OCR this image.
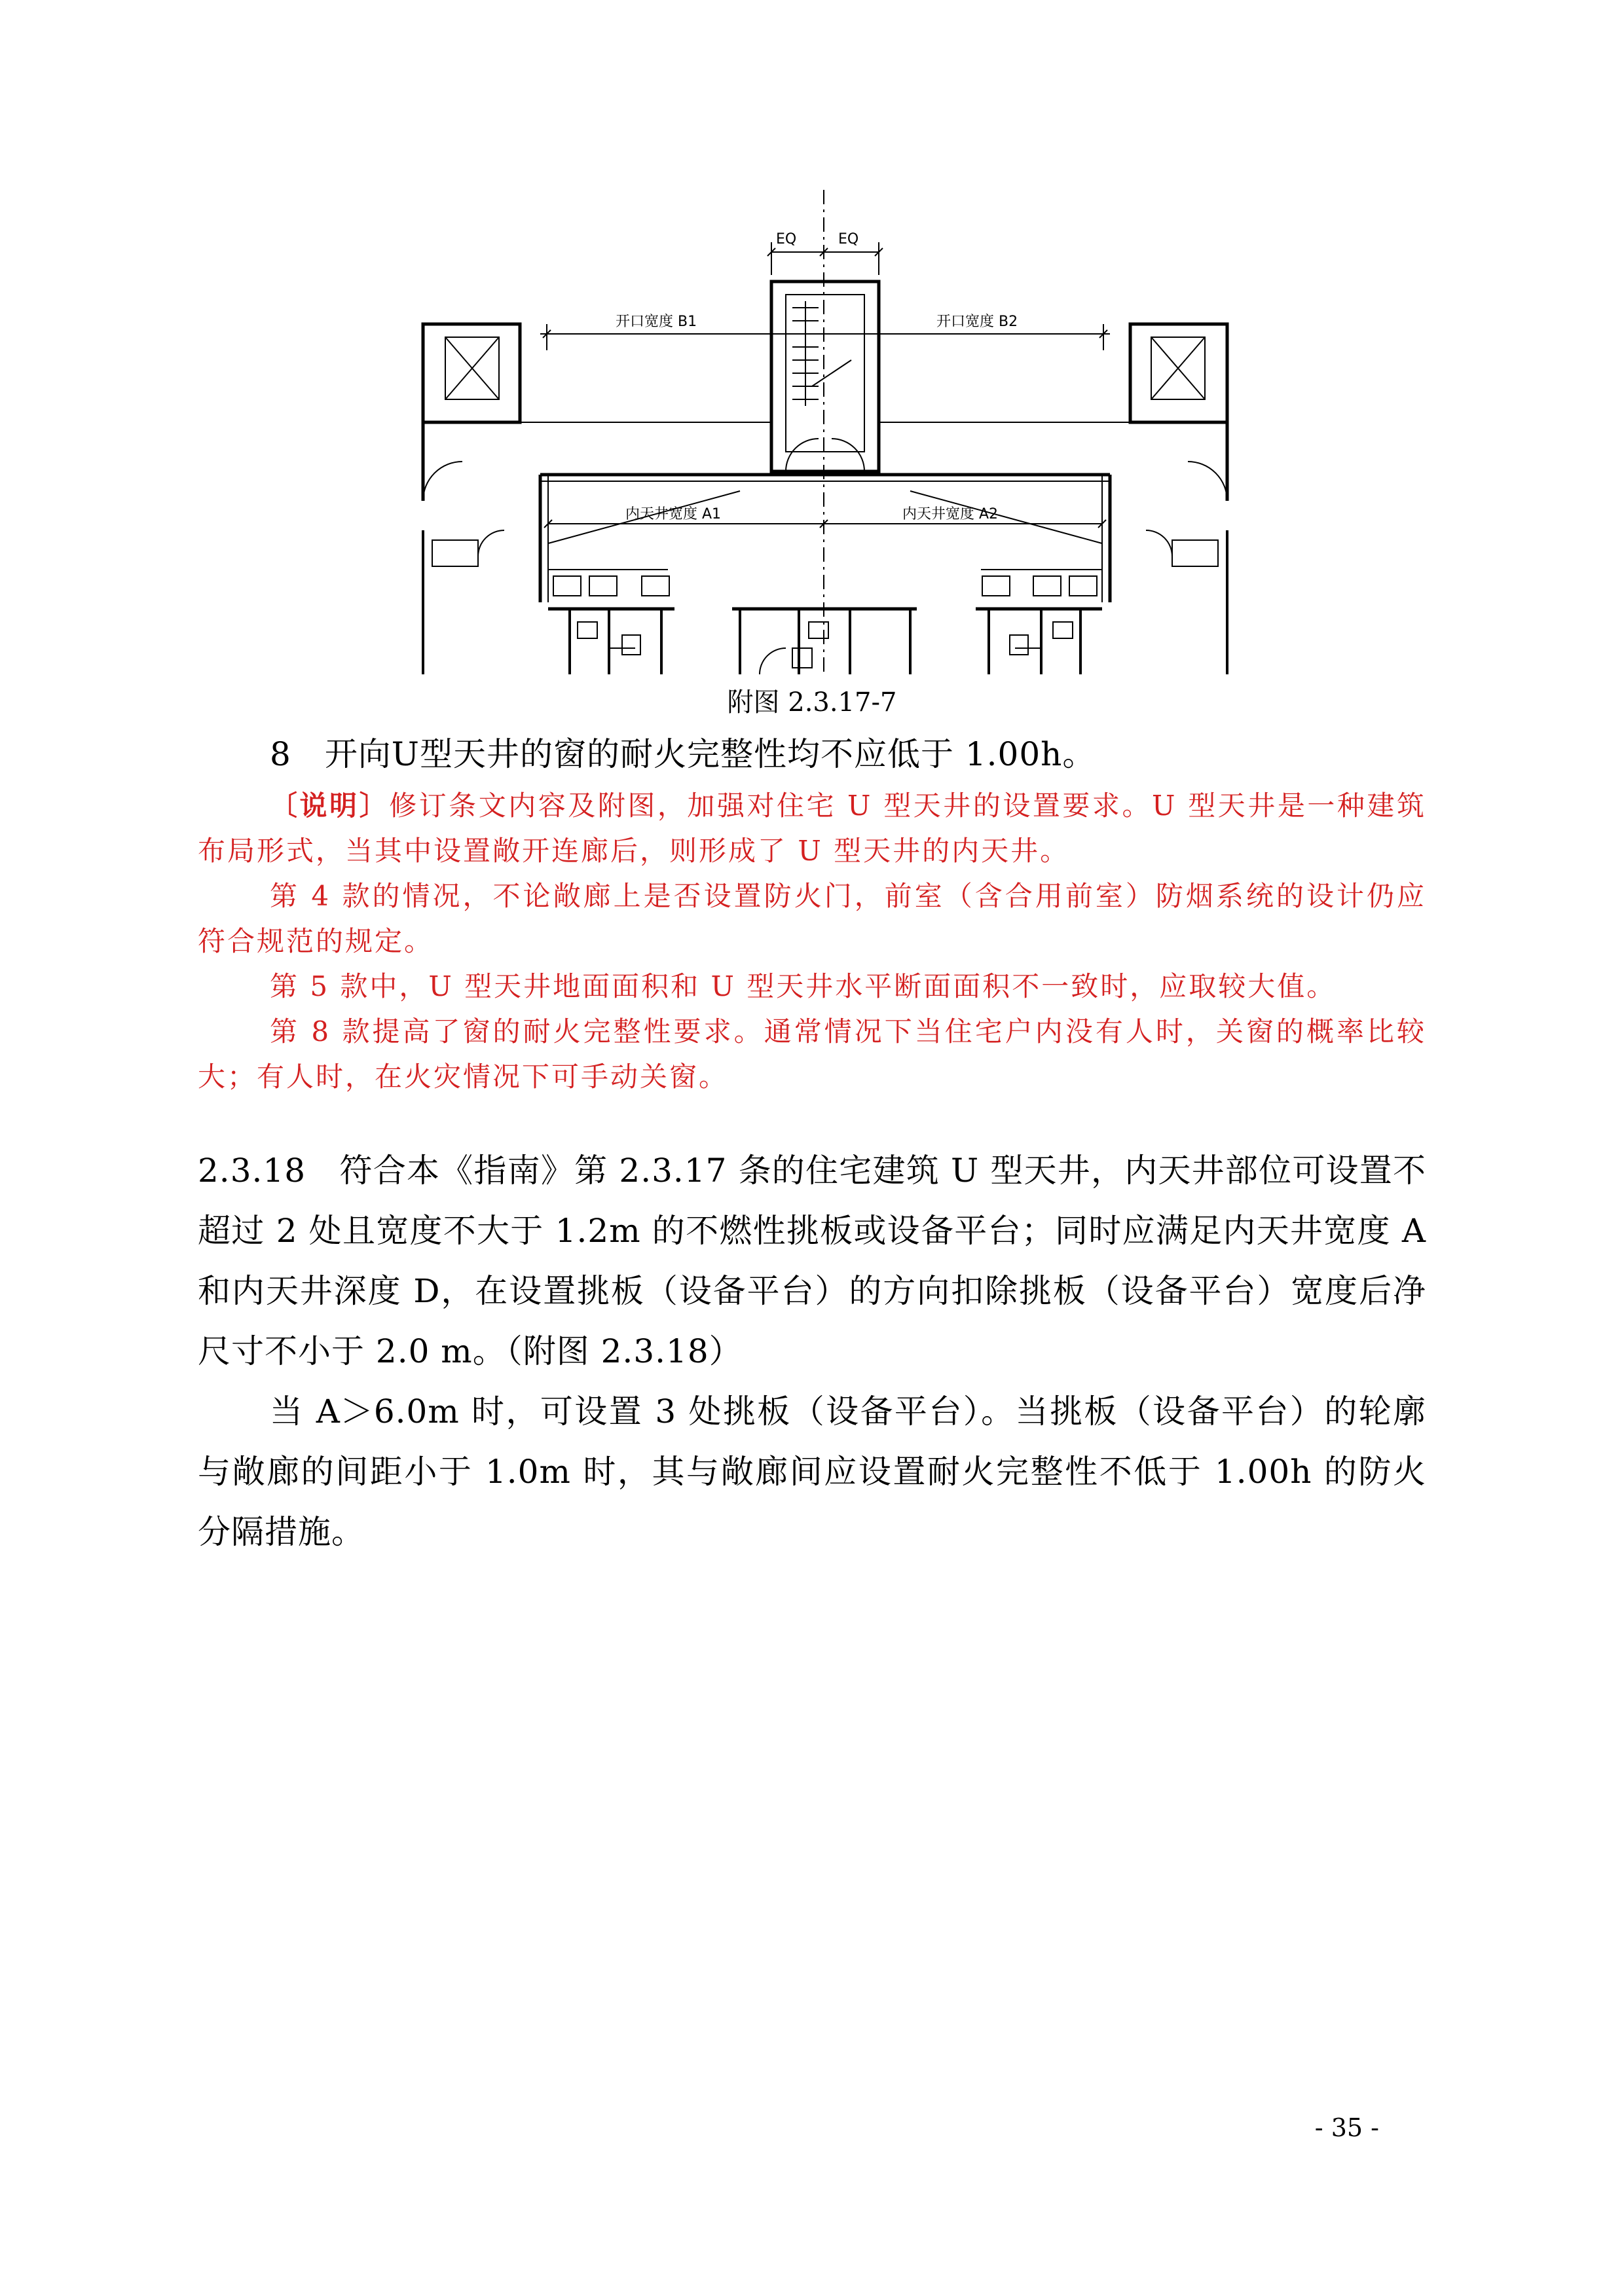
EQ	EQ
开口宽度 B1	开口宽度 B2
内天井宽度 A1	内天井宽度 A2
附图 2.3.17-7
8　 开向U型天井的窗的耐火完整性均不应低于 1.00h。
〔说明〕修订条文内容及附图，加强对住宅 U 型天井的设置要求。U 型天井是一种建筑布局形式，当其中设置敞开连廊后，则形成了 U 型天井的内天井。
第 4 款的情况，不论敞廊上是否设置防火门，前室（含合用前室）防烟系统的设计仍应符合规范的规定。
第 5 款中，U 型天井地面面积和 U 型天井水平断面面积不一致时，应取较大值。
第 8 款提高了窗的耐火完整性要求。通常情况下当住宅户内没有人时，关窗的概率比较大；有人时，在火灾情况下可手动关窗。
2.3.18　 符合本《指南》第 2.3.17 条的住宅建筑 U 型天井，内天井部位可设置不超过 2 处且宽度不大于 1.2m 的不燃性挑板或设备平台；同时应满足内天井宽度 A 和内天井深度 D，在设置挑板（设备平台）的方向扣除挑板（设备平台）宽度后净尺寸不小于 2.0 m。（附图 2.3.18）
当 A＞6.0m 时，可设置 3 处挑板（设备平台）。当挑板（设备平台）的轮廓与敞廊的间距小于 1.0m 时，其与敞廊间应设置耐火完整性不低于 1.00h 的防火分隔措施。
- 35 -
